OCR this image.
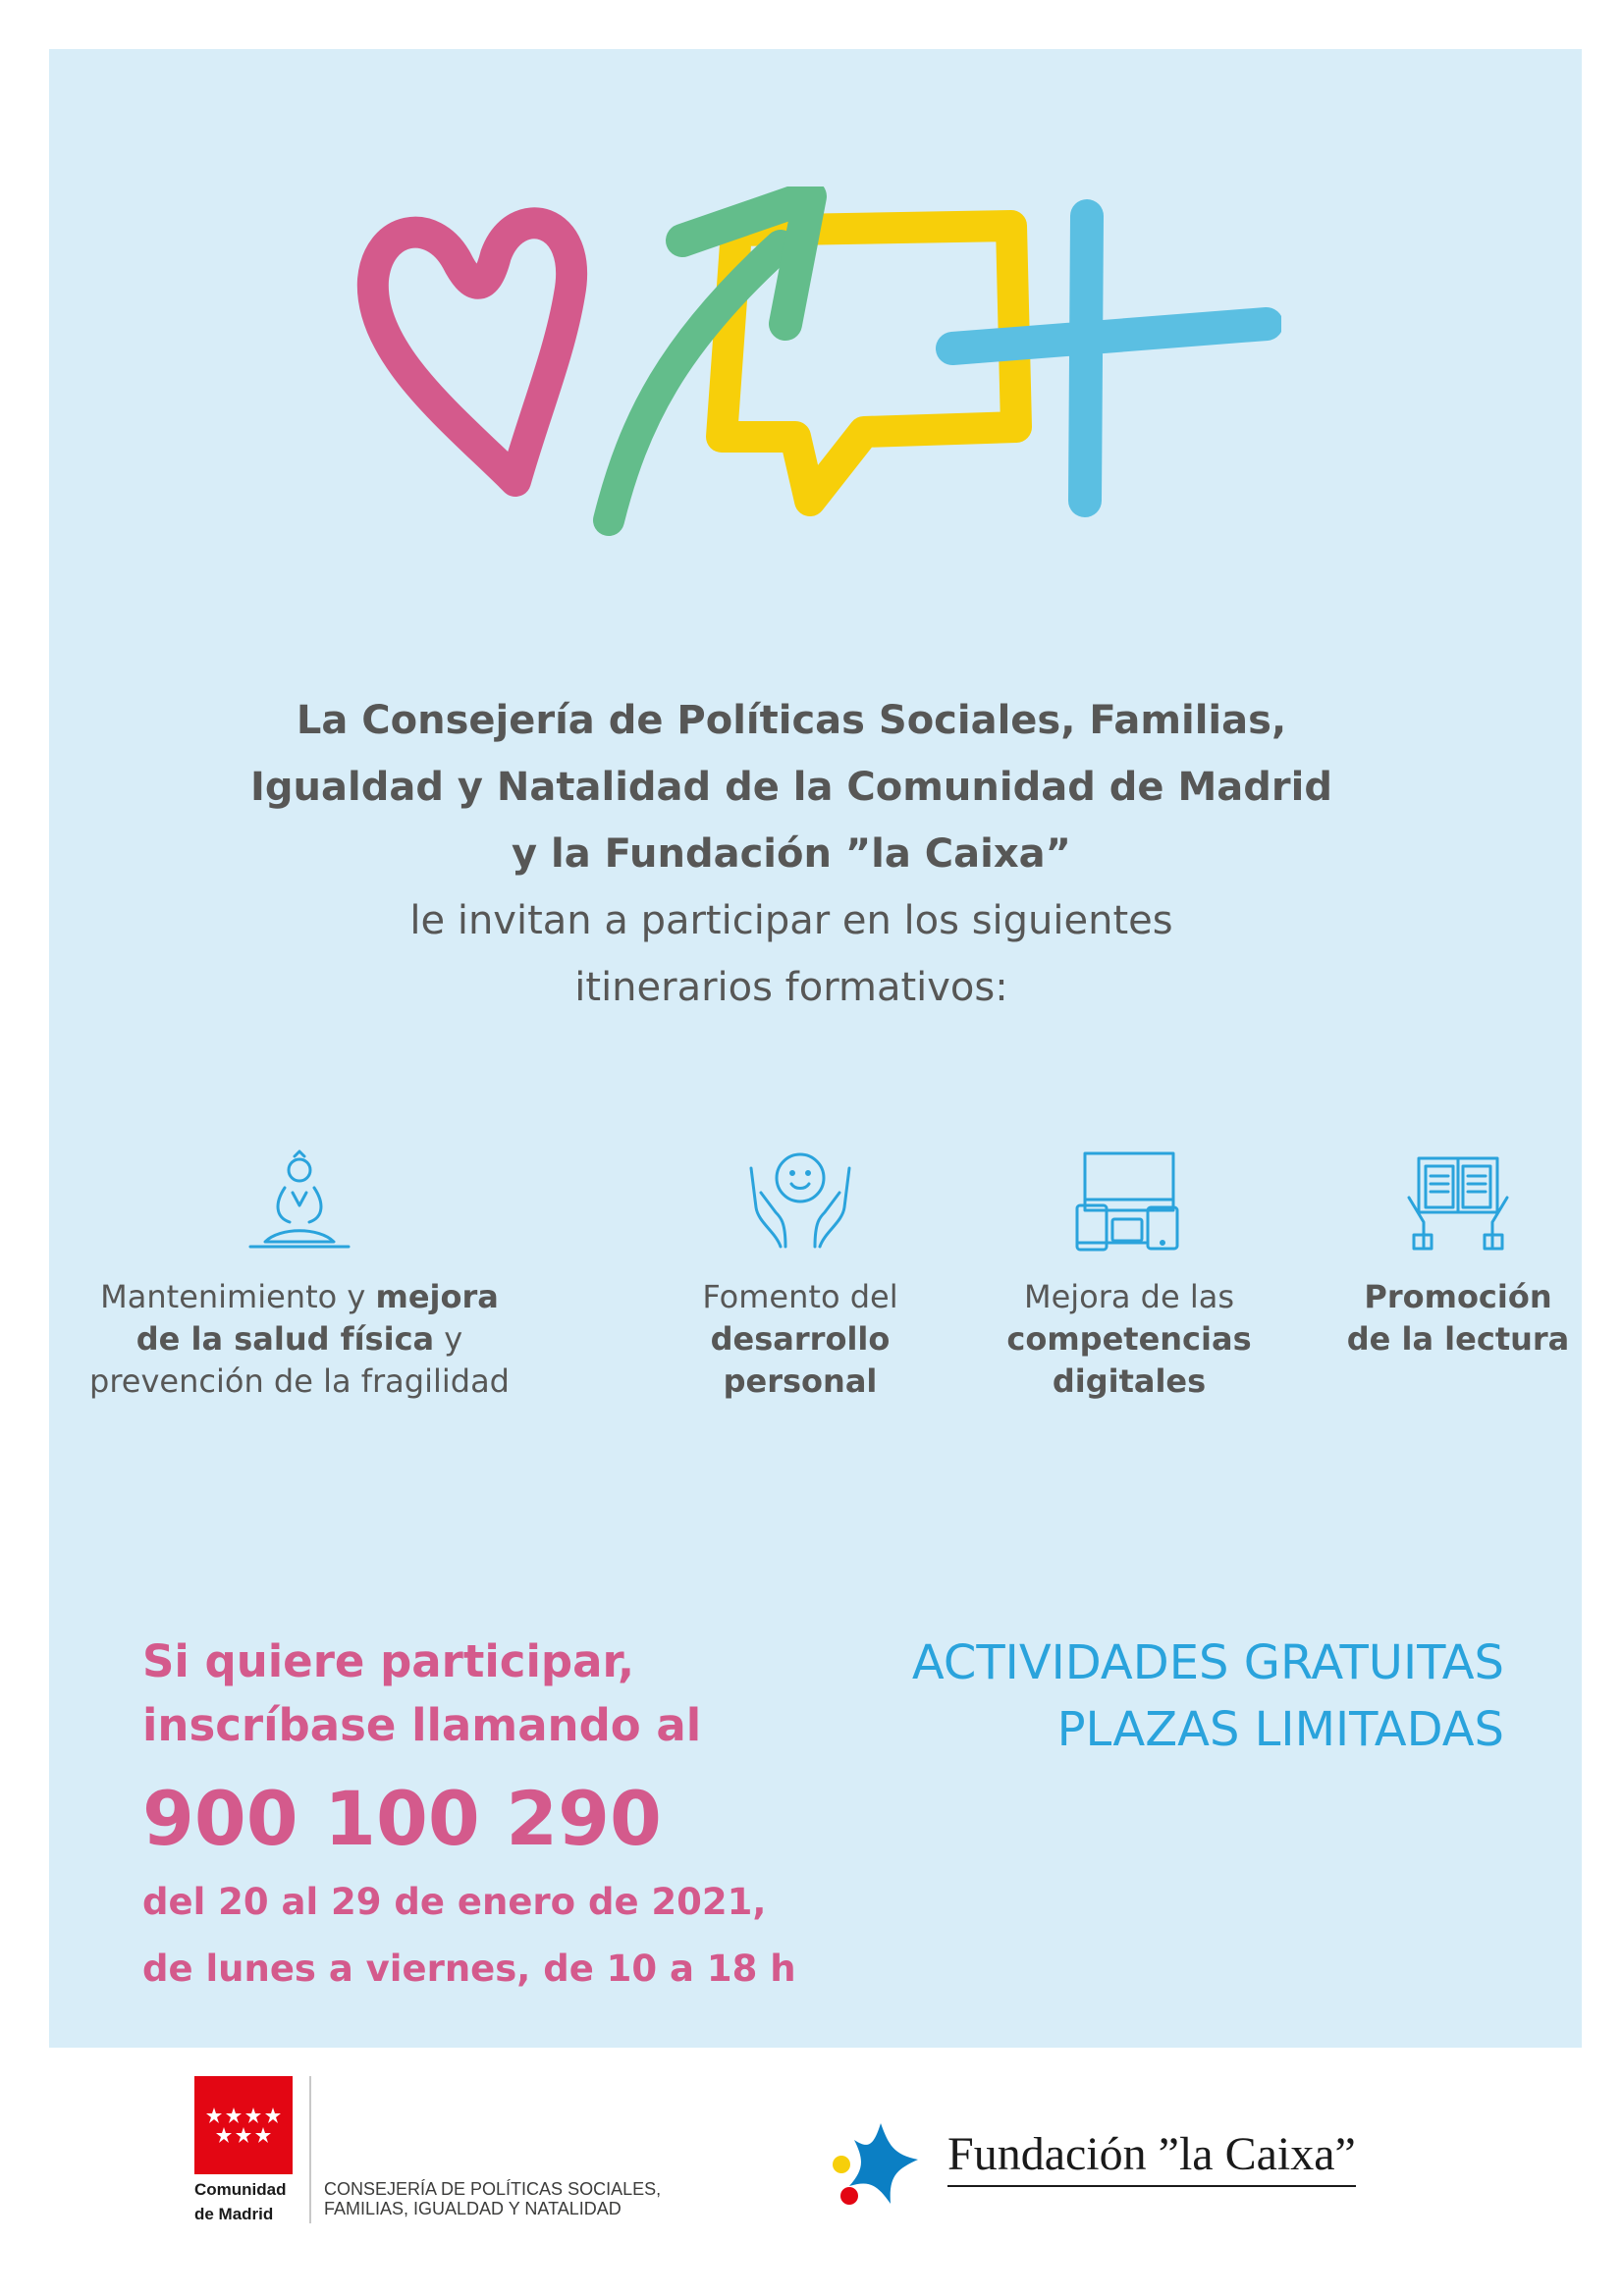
La Consejería de Políticas Sociales, Familias,
Igualdad y Natalidad de la Comunidad de Madrid
y la Fundación ”la Caixa”
le invitan a participar en los siguientes
itinerarios formativos:
Mantenimiento y mejora
de la salud física y
prevención de la fragilidad
Fomento del
desarrollo
personal
Mejora de las
competencias
digitales
Promoción
de la lectura
Si quiere participar,
inscríbase llamando al
900 100 290
del 20 al 29 de enero de 2021,
de lunes a viernes, de 10 a 18 h
ACTIVIDADES GRATUITAS
PLAZAS LIMITADAS
Comunidad
de Madrid
CONSEJERÍA DE POLÍTICAS SOCIALES,
FAMILIAS, IGUALDAD Y NATALIDAD
Fundación ”la Caixa”
